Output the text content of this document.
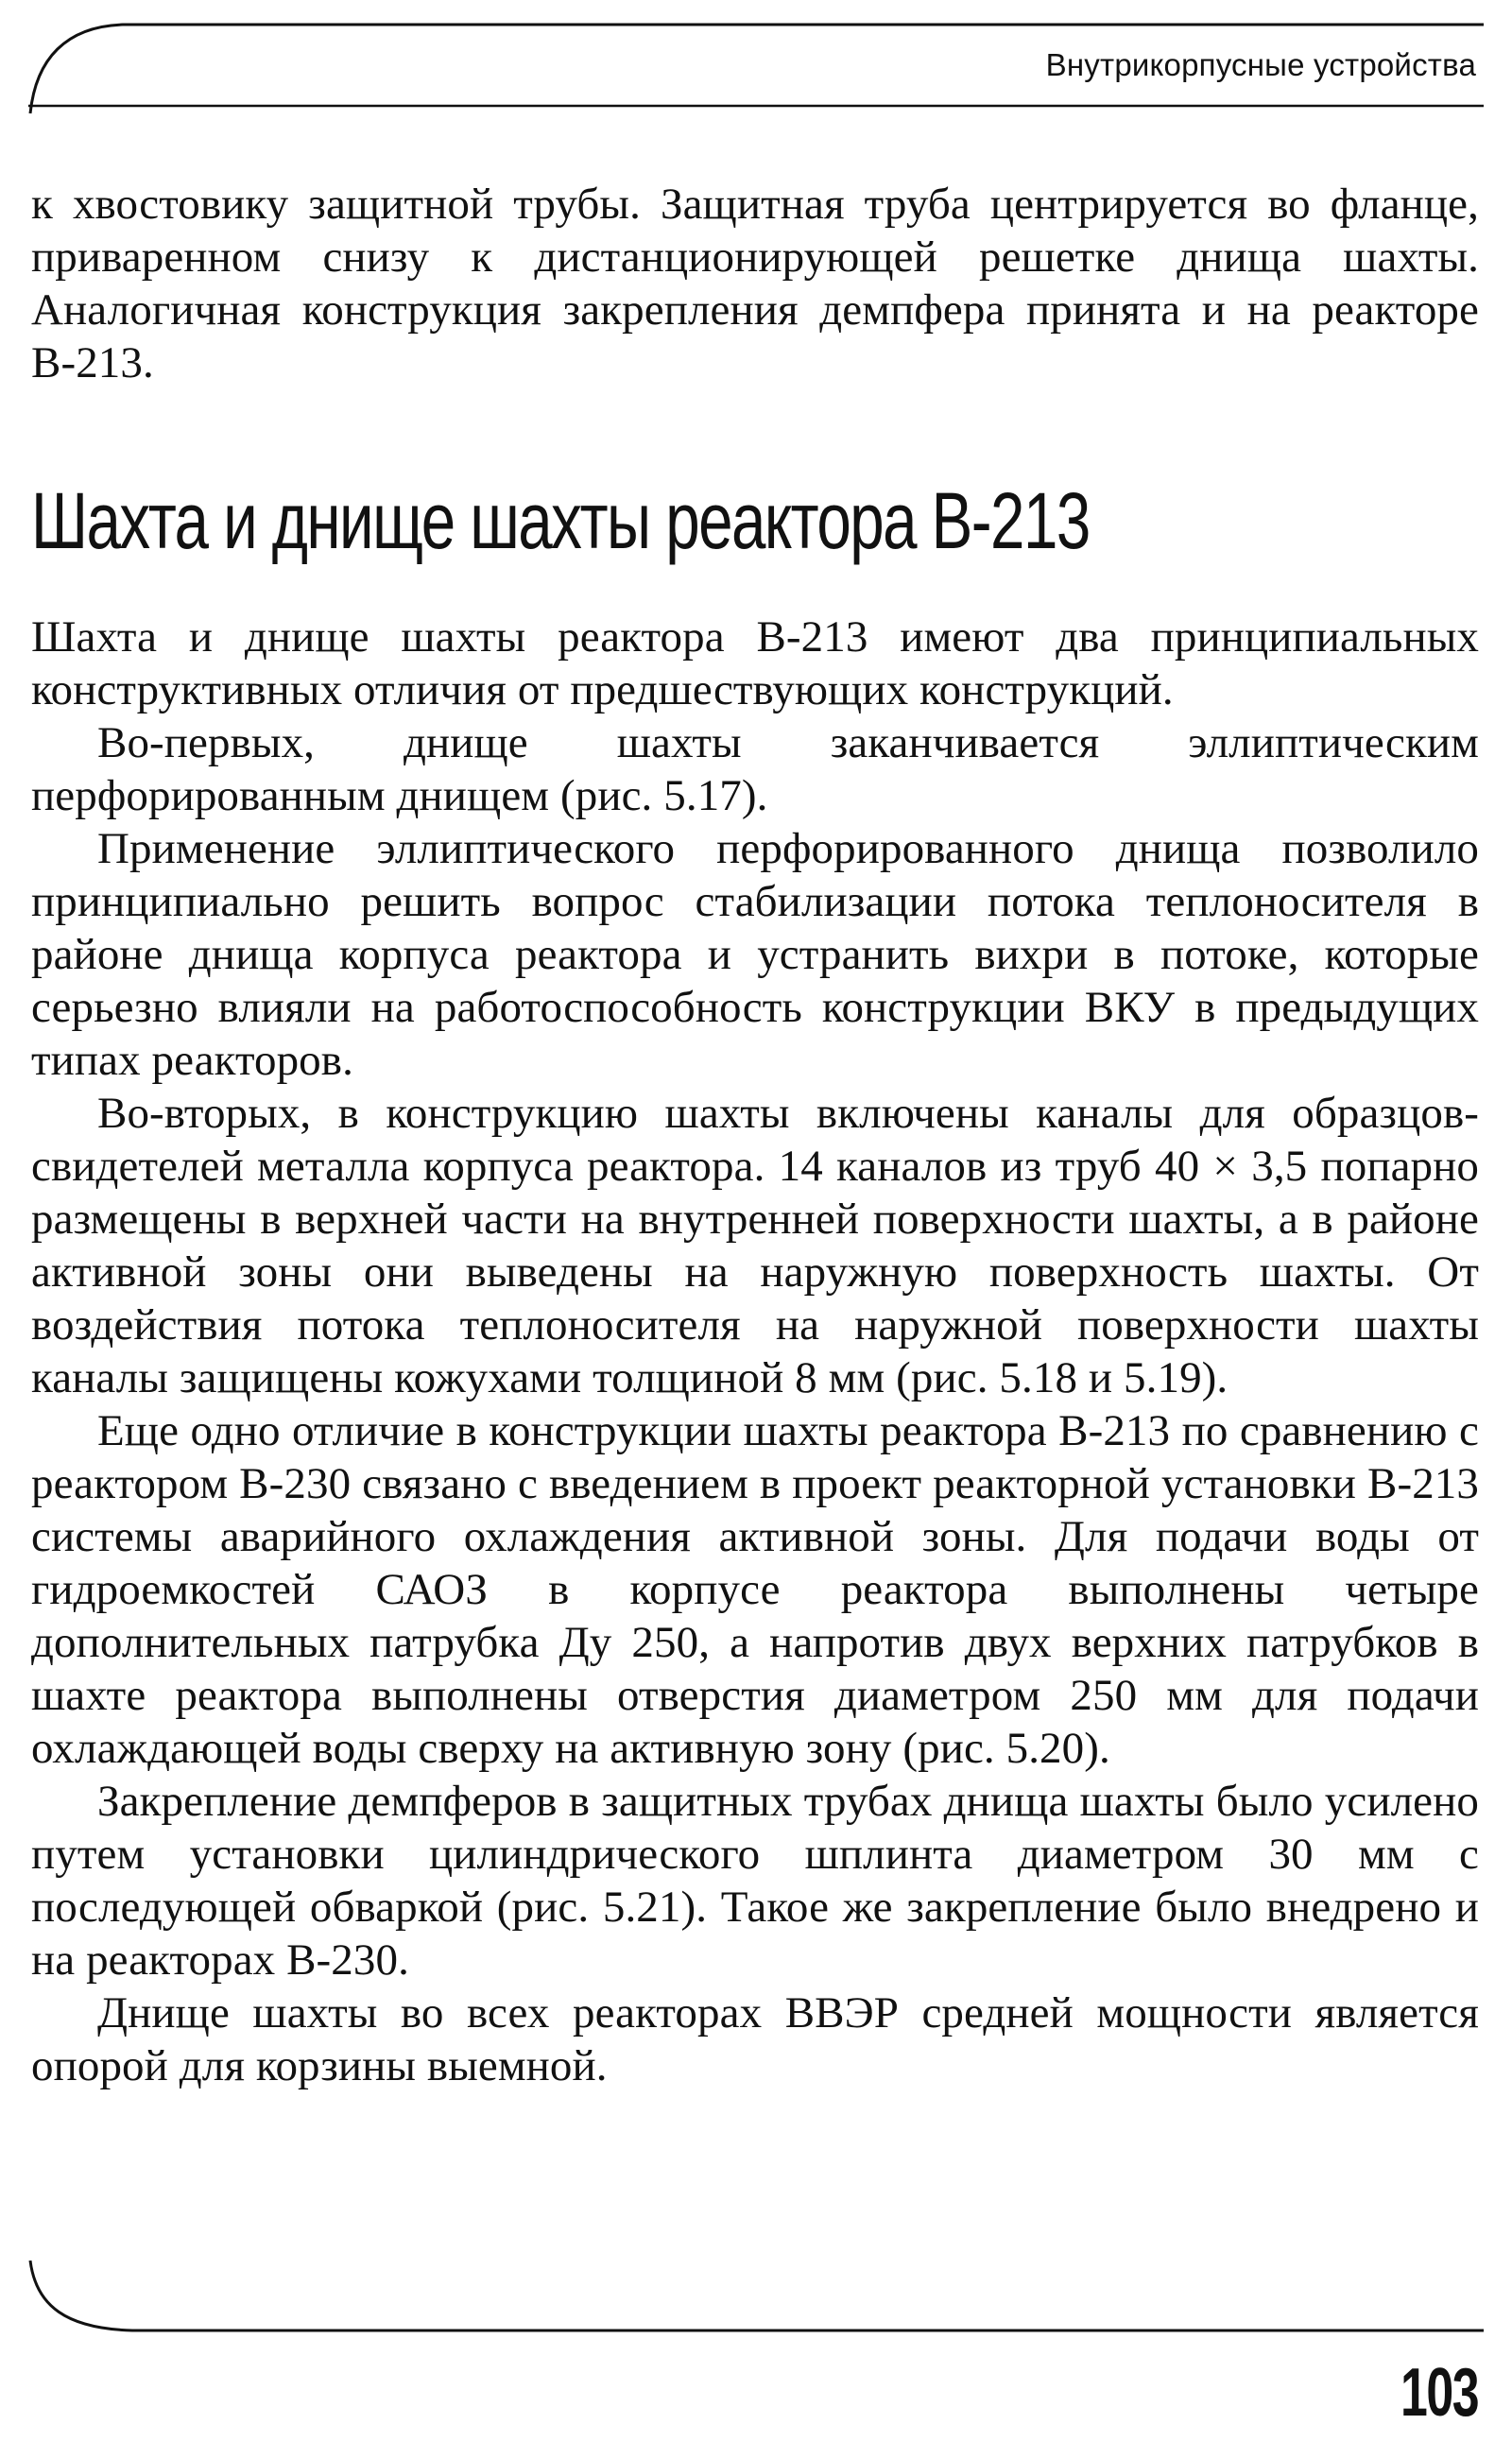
Внутрикорпусные устройства

к хвостовику защитной трубы. Защитная труба центрируется во фланце, приваренном снизу к дистанционирующей решетке днища шахты. Аналогичная конструкция закрепления демпфера принята и на реакторе В-213.

Шахта и днище шахты реактора В-213

Шахта и днище шахты реактора В-213 имеют два принципиальных конструктивных отличия от предшествующих конструкций.

Во-первых, днище шахты заканчивается эллиптическим перфорированным днищем (рис. 5.17).

Применение эллиптического перфорированного днища позволило принципиально решить вопрос стабилизации потока теплоносителя в районе днища корпуса реактора и устранить вихри в потоке, которые серьезно влияли на работоспособность конструкции ВКУ в предыдущих типах реакторов.

Во-вторых, в конструкцию шахты включены каналы для образцов-свидетелей металла корпуса реактора. 14 каналов из труб 40 × 3,5 попарно размещены в верхней части на внутренней поверхности шахты, а в районе активной зоны они выведены на наружную поверхность шахты. От воздействия потока теплоносителя на наружной поверхности шахты каналы защищены кожухами толщиной 8 мм (рис. 5.18 и 5.19).

Еще одно отличие в конструкции шахты реактора В-213 по сравнению с реактором В-230 связано с введением в проект реакторной установки В-213 системы аварийного охлаждения активной зоны. Для подачи воды от гидроемкостей САОЗ в корпусе реактора выполнены четыре дополнительных патрубка Ду 250, а напротив двух верхних патрубков в шахте реактора выполнены отверстия диаметром 250 мм для подачи охлаждающей воды сверху на активную зону (рис. 5.20).

Закрепление демпферов в защитных трубах днища шахты было усилено путем установки цилиндрического шплинта диаметром 30 мм с последующей обваркой (рис. 5.21). Такое же закрепление было внедрено и на реакторах В-230.

Днище шахты во всех реакторах ВВЭР средней мощности является опорой для корзины выемной.

103
